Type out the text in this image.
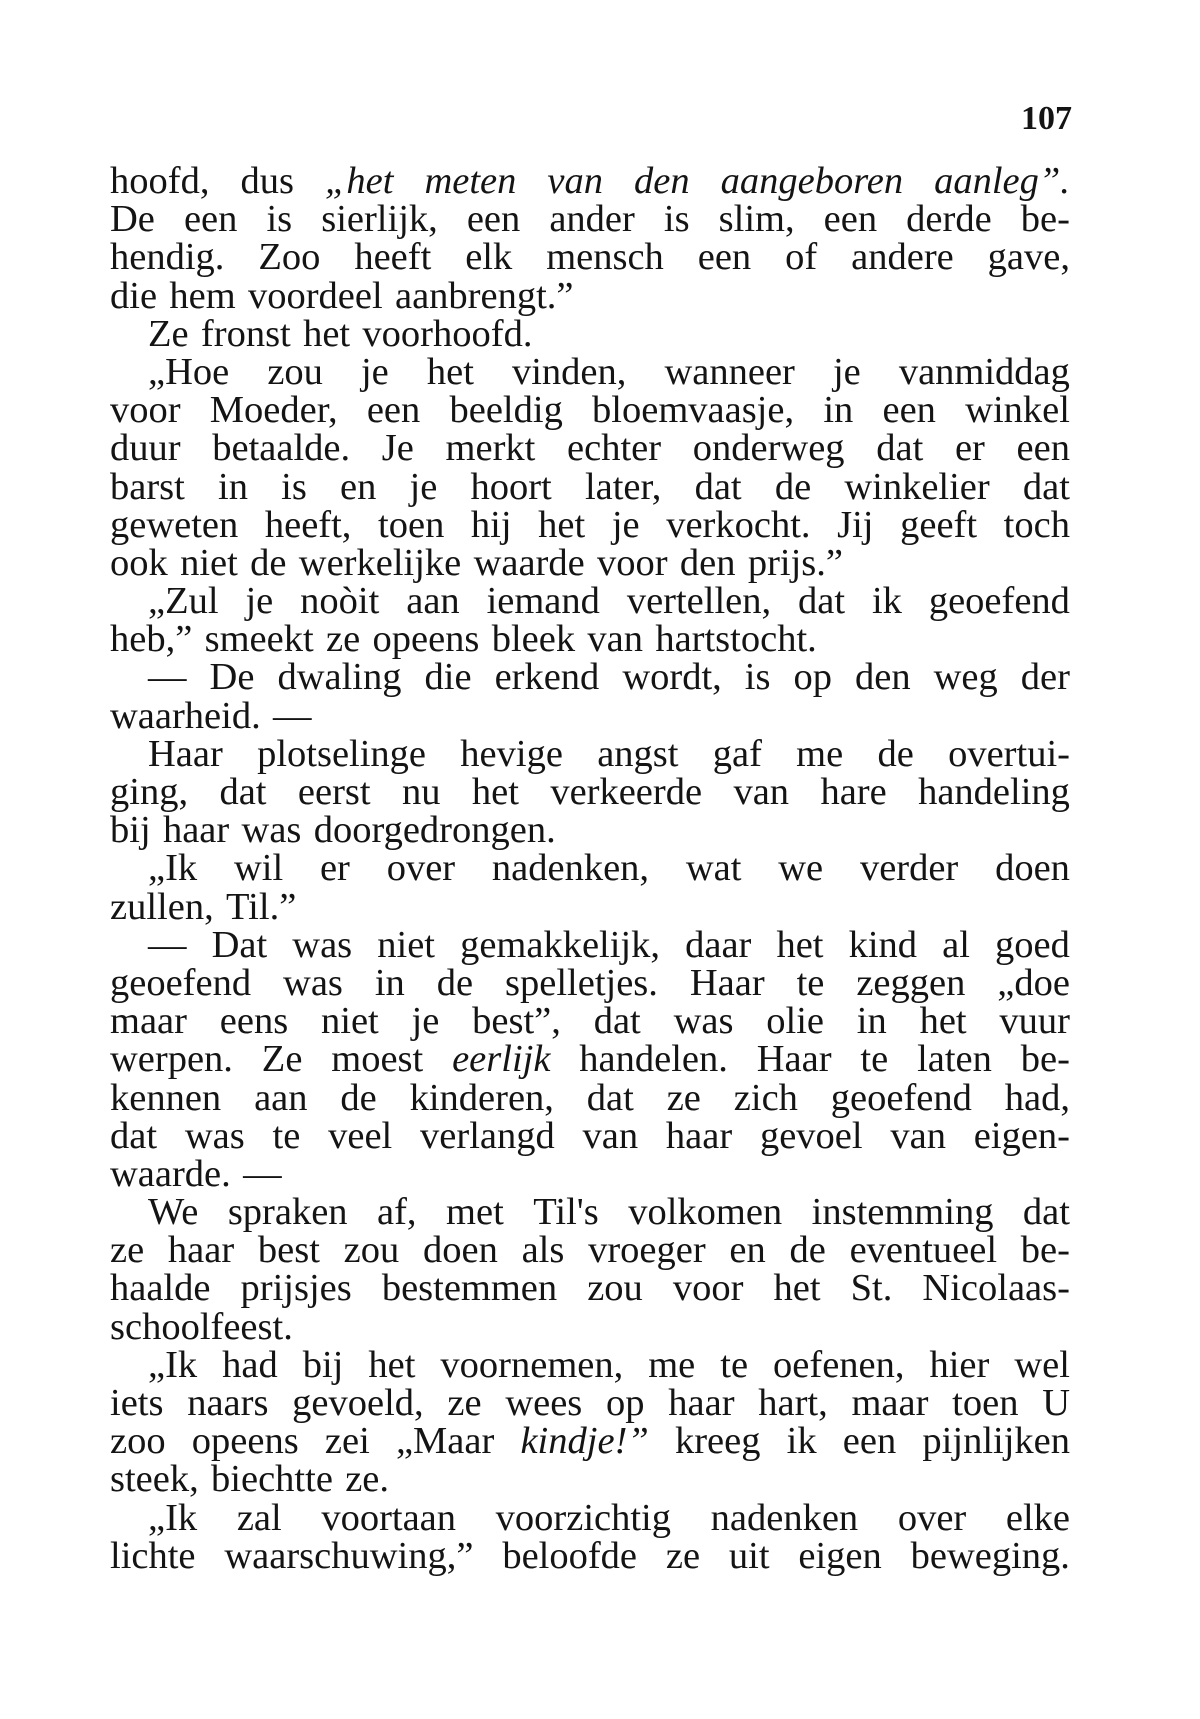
107
hoofd, dus „het meten van den aangeboren aanleg”.
De een is sierlijk, een ander is slim, een derde be-
hendig. Zoo heeft elk mensch een of andere gave,
die hem voordeel aanbrengt.”
Ze fronst het voorhoofd.
„Hoe zou je het vinden, wanneer je vanmiddag
voor Moeder, een beeldig bloemvaasje, in een winkel
duur betaalde. Je merkt echter onderweg dat er een
barst in is en je hoort later, dat de winkelier dat
geweten heeft, toen hij het je verkocht. Jij geeft toch
ook niet de werkelijke waarde voor den prijs.”
„Zul je noòit aan iemand vertellen, dat ik geoefend
heb,” smeekt ze opeens bleek van hartstocht.
— De dwaling die erkend wordt, is op den weg der
waarheid. —
Haar plotselinge hevige angst gaf me de overtui-
ging, dat eerst nu het verkeerde van hare handeling
bij haar was doorgedrongen.
„Ik wil er over nadenken, wat we verder doen
zullen, Til.”
— Dat was niet gemakkelijk, daar het kind al goed
geoefend was in de spelletjes. Haar te zeggen „doe
maar eens niet je best”, dat was olie in het vuur
werpen. Ze moest eerlijk handelen. Haar te laten be-
kennen aan de kinderen, dat ze zich geoefend had,
dat was te veel verlangd van haar gevoel van eigen-
waarde. —
We spraken af, met Til's volkomen instemming dat
ze haar best zou doen als vroeger en de eventueel be-
haalde prijsjes bestemmen zou voor het St. Nicolaas-
schoolfeest.
„Ik had bij het voornemen, me te oefenen, hier wel
iets naars gevoeld, ze wees op haar hart, maar toen U
zoo opeens zei „Maar kindje!” kreeg ik een pijnlijken
steek, biechtte ze.
„Ik zal voortaan voorzichtig nadenken over elke
lichte waarschuwing,” beloofde ze uit eigen beweging.
